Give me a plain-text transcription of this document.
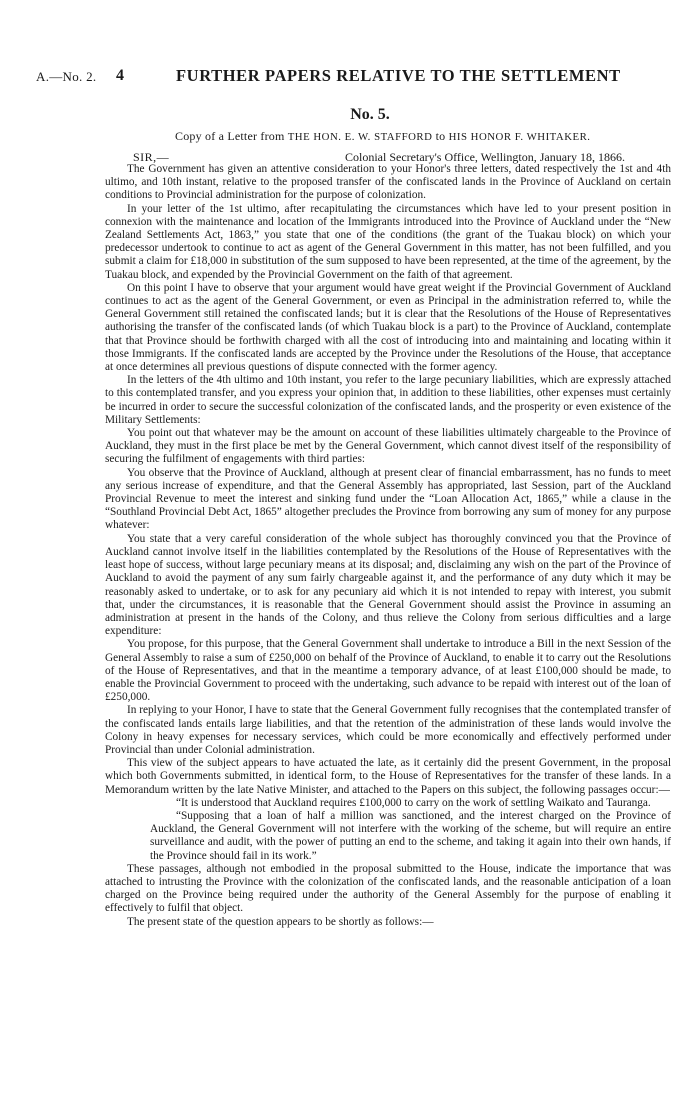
A.—No. 2. 4	FURTHER PAPERS RELATIVE TO THE SETTLEMENT
No. 5.
Copy of a Letter from THE HON. E. W. STAFFORD to HIS HONOR F. WHITAKER.
SIR,—	Colonial Secretary's Office, Wellington, January 18, 1866.

The Government has given an attentive consideration to your Honor's three letters, dated respectively the 1st and 4th ultimo, and 10th instant, relative to the proposed transfer of the confiscated lands in the Province of Auckland on certain conditions to Provincial administration for the purpose of colonization.

In your letter of the 1st ultimo, after recapitulating the circumstances which have led to your present position in connexion with the maintenance and location of the Immigrants introduced into the Province of Auckland under the “New Zealand Settlements Act, 1863,” you state that one of the conditions (the grant of the Tuakau block) on which your predecessor undertook to continue to act as agent of the General Government in this matter, has not been fulfilled, and you submit a claim for £18,000 in substitution of the sum supposed to have been represented, at the time of the agreement, by the Tuakau block, and expended by the Provincial Government on the faith of that agreement.

On this point I have to observe that your argument would have great weight if the Provincial Government of Auckland continues to act as the agent of the General Government, or even as Principal in the administration referred to, while the General Government still retained the confiscated lands; but it is clear that the Resolutions of the House of Representatives authorising the transfer of the confiscated lands (of which Tuakau block is a part) to the Province of Auckland, contemplate that that Province should be forthwith charged with all the cost of introducing into and maintaining and locating within it those Immigrants. If the confiscated lands are accepted by the Province under the Resolutions of the House, that acceptance at once determines all previous questions of dispute connected with the former agency.

In the letters of the 4th ultimo and 10th instant, you refer to the large pecuniary liabilities, which are expressly attached to this contemplated transfer, and you express your opinion that, in addition to these liabilities, other expenses must certainly be incurred in order to secure the successful colonization of the confiscated lands, and the prosperity or even existence of the Military Settlements:

You point out that whatever may be the amount on account of these liabilities ultimately chargeable to the Province of Auckland, they must in the first place be met by the General Government, which cannot divest itself of the responsibility of securing the fulfilment of engagements with third parties:

You observe that the Province of Auckland, although at present clear of financial embarrassment, has no funds to meet any serious increase of expenditure, and that the General Assembly has appropriated, last Session, part of the Auckland Provincial Revenue to meet the interest and sinking fund under the “Loan Allocation Act, 1865,” while a clause in the “Southland Provincial Debt Act, 1865” altogether precludes the Province from borrowing any sum of money for any purpose whatever:

You state that a very careful consideration of the whole subject has thoroughly convinced you that the Province of Auckland cannot involve itself in the liabilities contemplated by the Resolutions of the House of Representatives with the least hope of success, without large pecuniary means at its disposal; and, disclaiming any wish on the part of the Province of Auckland to avoid the payment of any sum fairly chargeable against it, and the performance of any duty which it may be reasonably asked to undertake, or to ask for any pecuniary aid which it is not intended to repay with interest, you submit that, under the circumstances, it is reasonable that the General Government should assist the Province in assuming an administration at present in the hands of the Colony, and thus relieve the Colony from serious difficulties and a large expenditure:

You propose, for this purpose, that the General Government shall undertake to introduce a Bill in the next Session of the General Assembly to raise a sum of £250,000 on behalf of the Province of Auckland, to enable it to carry out the Resolutions of the House of Representatives, and that in the meantime a temporary advance, of at least £100,000 should be made, to enable the Provincial Government to proceed with the undertaking, such advance to be repaid with interest out of the loan of £250,000.

In replying to your Honor, I have to state that the General Government fully recognises that the contemplated transfer of the confiscated lands entails large liabilities, and that the retention of the administration of these lands would involve the Colony in heavy expenses for necessary services, which could be more economically and effectively performed under Provincial than under Colonial administration.

This view of the subject appears to have actuated the late, as it certainly did the present Government, in the proposal which both Governments submitted, in identical form, to the House of Representatives for the transfer of these lands. In a Memorandum written by the late Native Minister, and attached to the Papers on this subject, the following passages occur:—

“It is understood that Auckland requires £100,000 to carry on the work of settling Waikato and Tauranga.

“Supposing that a loan of half a million was sanctioned, and the interest charged on the Province of Auckland, the General Government will not interfere with the working of the scheme, but will require an entire surveillance and audit, with the power of putting an end to the scheme, and taking it again into their own hands, if the Province should fail in its work.”

These passages, although not embodied in the proposal submitted to the House, indicate the importance that was attached to intrusting the Province with the colonization of the confiscated lands, and the reasonable anticipation of a loan charged on the Province being required under the authority of the General Assembly for the purpose of enabling it effectively to fulfil that object.

The present state of the question appears to be shortly as follows:—
